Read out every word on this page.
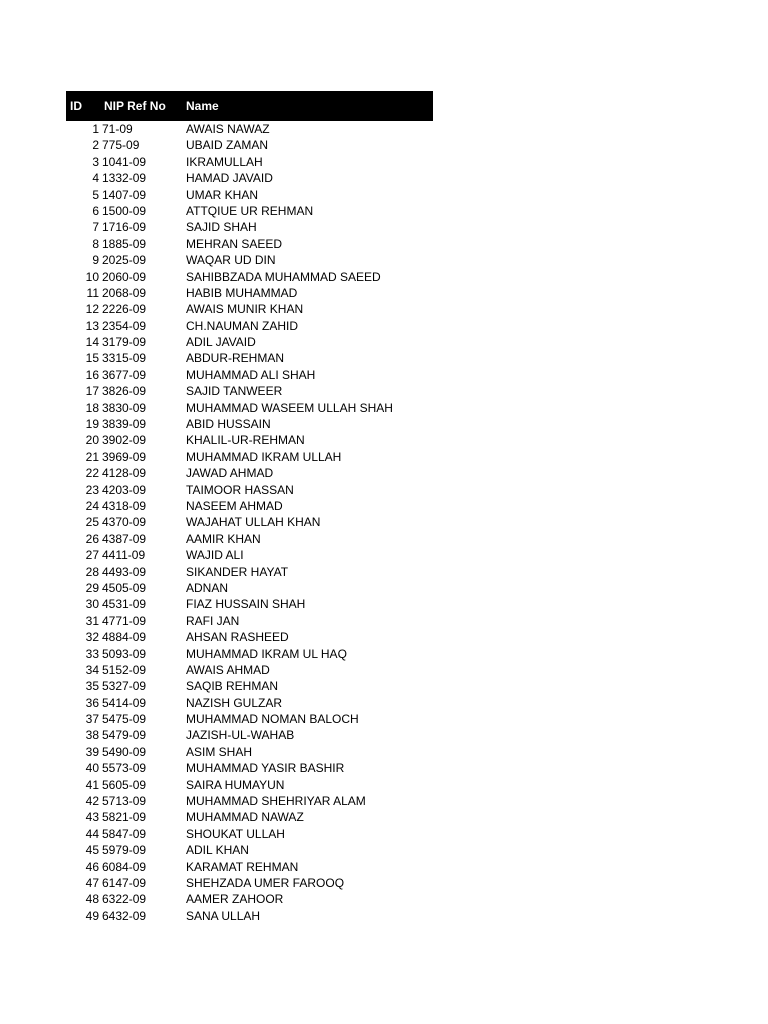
ID	NIP Ref No	Name
1 71-09	AWAIS NAWAZ
2 775-09	UBAID ZAMAN
3 1041-09	IKRAMULLAH
4 1332-09	HAMAD JAVAID
5 1407-09	UMAR KHAN
6 1500-09	ATTQIUE UR REHMAN
7 1716-09	SAJID SHAH
8 1885-09	MEHRAN SAEED
9 2025-09	WAQAR UD DIN
10 2060-09	SAHIBBZADA MUHAMMAD SAEED
11 2068-09	HABIB MUHAMMAD
12 2226-09	AWAIS MUNIR KHAN
13 2354-09	CH.NAUMAN ZAHID
14 3179-09	ADIL JAVAID
15 3315-09	ABDUR-REHMAN
16 3677-09	MUHAMMAD ALI SHAH
17 3826-09	SAJID TANWEER
18 3830-09	MUHAMMAD WASEEM ULLAH SHAH
19 3839-09	ABID HUSSAIN
20 3902-09	KHALIL-UR-REHMAN
21 3969-09	MUHAMMAD IKRAM ULLAH
22 4128-09	JAWAD AHMAD
23 4203-09	TAIMOOR HASSAN
24 4318-09	NASEEM AHMAD
25 4370-09	WAJAHAT ULLAH KHAN
26 4387-09	AAMIR KHAN
27 4411-09	WAJID ALI
28 4493-09	SIKANDER HAYAT
29 4505-09	ADNAN
30 4531-09	FIAZ HUSSAIN SHAH
31 4771-09	RAFI JAN
32 4884-09	AHSAN RASHEED
33 5093-09	MUHAMMAD IKRAM UL HAQ
34 5152-09	AWAIS AHMAD
35 5327-09	SAQIB REHMAN
36 5414-09	NAZISH GULZAR
37 5475-09	MUHAMMAD NOMAN BALOCH
38 5479-09	JAZISH-UL-WAHAB
39 5490-09	ASIM SHAH
40 5573-09	MUHAMMAD YASIR BASHIR
41 5605-09	SAIRA HUMAYUN
42 5713-09	MUHAMMAD SHEHRIYAR ALAM
43 5821-09	MUHAMMAD NAWAZ
44 5847-09	SHOUKAT ULLAH
45 5979-09	ADIL KHAN
46 6084-09	KARAMAT REHMAN
47 6147-09	SHEHZADA UMER FAROOQ
48 6322-09	AAMER ZAHOOR
49 6432-09	SANA ULLAH
